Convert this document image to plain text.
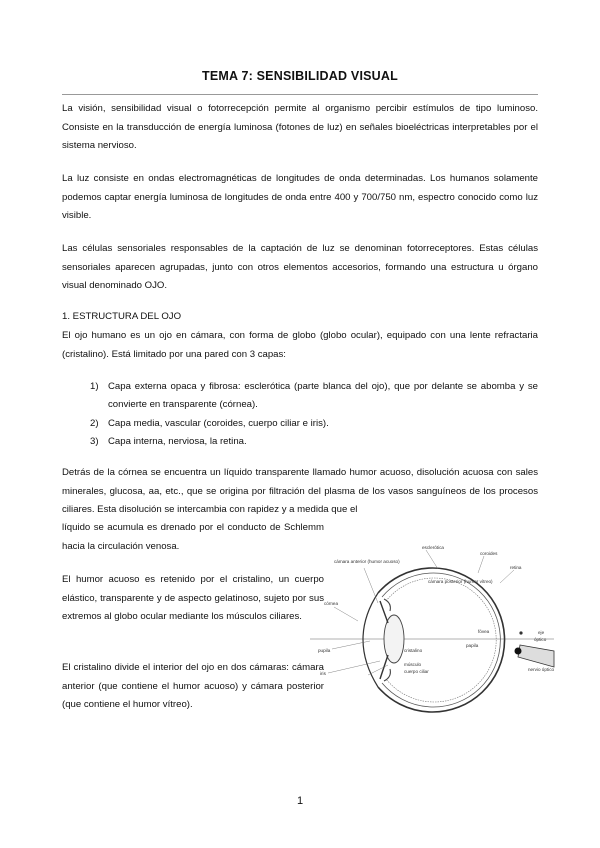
TEMA 7: SENSIBILIDAD VISUAL

La visión, sensibilidad visual o fotorrecepción permite al organismo percibir estímulos de tipo luminoso. Consiste en la transducción de energía luminosa (fotones de luz) en señales bioeléctricas interpretables por el sistema nervioso.

La luz consiste en ondas electromagnéticas de longitudes de onda determinadas. Los humanos solamente podemos captar energía luminosa de longitudes de onda entre 400 y 700/750 nm, espectro conocido como luz visible.

Las células sensoriales responsables de la captación de luz se denominan fotorreceptores. Estas células sensoriales aparecen agrupadas, junto con otros elementos accesorios, formando una estructura u órgano visual denominado OJO.

1. ESTRUCTURA DEL OJO

El ojo humano es un ojo en cámara, con forma de globo (globo ocular), equipado con una lente refractaria (cristalino). Está limitado por una pared con 3 capas:

1) Capa externa opaca y fibrosa: esclerótica (parte blanca del ojo), que por delante se abomba y se convierte en transparente (córnea).
2) Capa media, vascular (coroides, cuerpo ciliar e iris).
3) Capa interna, nerviosa, la retina.

Detrás de la córnea se encuentra un líquido transparente llamado humor acuoso, disolución acuosa con sales minerales, glucosa, aa, etc., que se origina por filtración del plasma de los vasos sanguíneos de los procesos ciliares. Esta disolución se intercambia con rapidez y a medida que el

líquido se acumula es drenado por el conducto de Schlemm hacia la circulación venosa.

El humor acuoso es retenido por el cristalino, un cuerpo elástico, transparente y de aspecto gelatinoso, sujeto por sus extremos al globo ocular mediante los músculos ciliares.

El cristalino divide el interior del ojo en dos cámaras: cámara anterior (que contiene el humor acuoso) y cámara posterior (que contiene el humor vítreo).

esclerótica
coroides
retina
cámara anterior (humor acuoso)
cámara posterior (humor vítreo)
córnea
fóvea	eje
óptico
pupila	cristalino
papila
iris
músculo
cuerpo ciliar	nervio óptico
1
